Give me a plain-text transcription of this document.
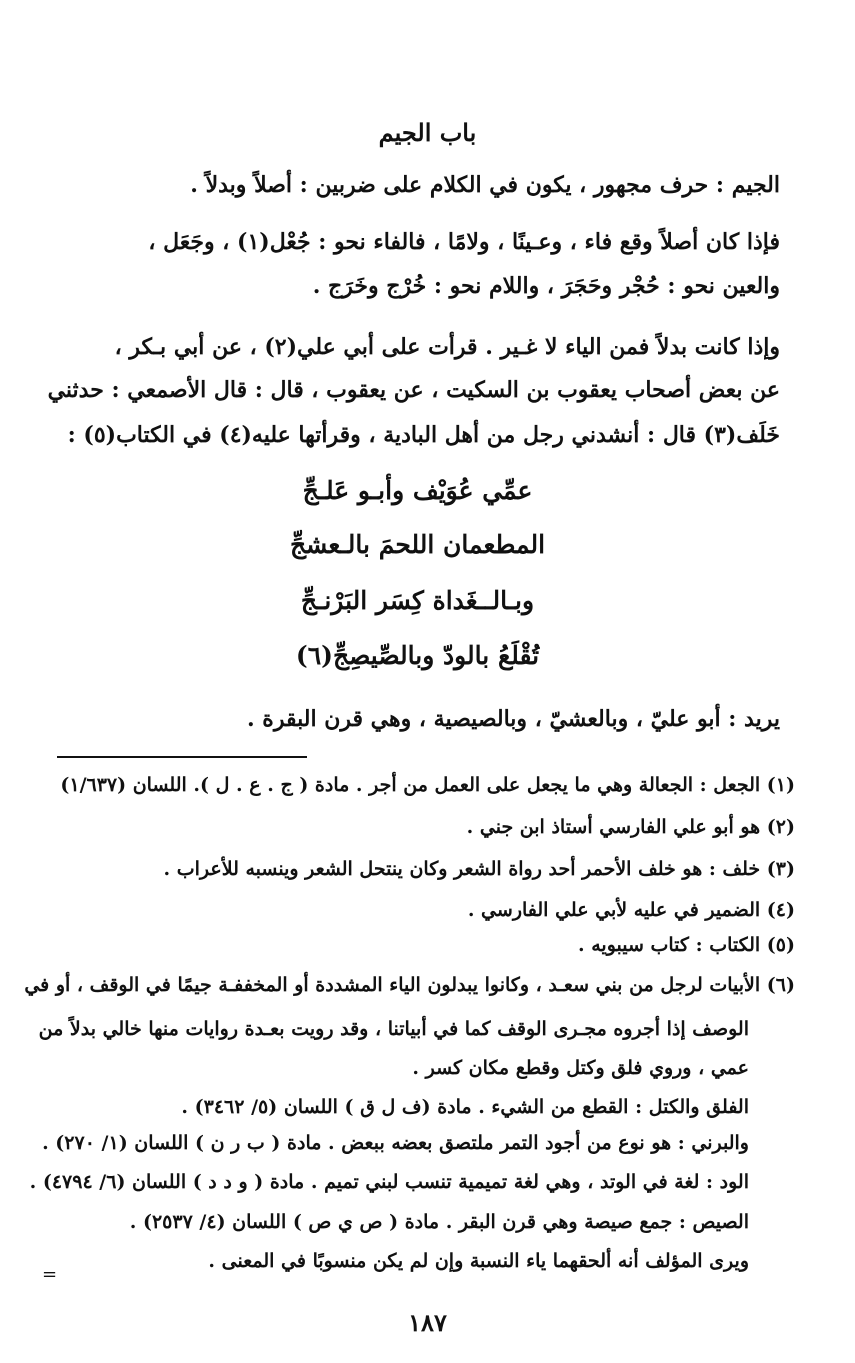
باب الجيم
الجيم : حرف مجهور ، يكون في الكلام على ضربين : أصلاً وبدلاً .
فإذا كان أصلاً وقع فاء ، وعـينًا ، ولامًا ، فالفاء نحو : جُعْل(١) ، وجَعَل ،
والعين نحو : حُجْر وحَجَرَ ، واللام نحو : خُرْج وخَرَج .
وإذا كانت بدلاً فمن الياء لا غـير . قرأت على أبي علي(٢) ، عن أبي بـكر ،
عن بعض أصحاب يعقوب بن السكيت ، عن يعقوب ، قال : قال الأصمعي : حدثني
خَلَف(٣) قال : أنشدني رجل من أهل البادية ، وقرأتها عليه(٤) في الكتاب(٥) :
عمِّي عُوَيْف وأبـو عَلـجِّ
المطعمان اللحمَ بالـعشجِّ
وبـالــغَداة كِسَر البَرْنـجِّ
تُقْلَعُ بالودّ وبالصِّيصِجِّ(٦)
يريد : أبو عليّ ، وبالعشيّ ، وبالصيصية ، وهي قرن البقرة .
(١) الجعل : الجعالة وهي ما يجعل على العمل من أجر . مادة ( ج . ع . ل ). اللسان (١/٦٣٧)
(٢) هو أبو علي الفارسي أستاذ ابن جني .
(٣) خلف : هو خلف الأحمر أحد رواة الشعر وكان ينتحل الشعر وينسبه للأعراب .
(٤) الضمير في عليه لأبي علي الفارسي .
(٥) الكتاب : كتاب سيبويه .
(٦) الأبيات لرجل من بني سعـد ، وكانوا يبدلون الياء المشددة أو المخففـة جيمًا في الوقف ، أو في
الوصف إذا أجروه مجـرى الوقف كما في أبياتنا ، وقد رويت بعـدة روايات منها خالي بدلاً من
عمي ، وروي فلق وكتل وقطع مكان كسر .
الفلق والكتل : القطع من الشيء . مادة (ف ل ق ) اللسان (٥/ ٣٤٦٢) .
والبرني : هو نوع من أجود التمر ملتصق بعضه ببعض . مادة ( ب ر ن ) اللسان (١/ ٢٧٠) .
الود : لغة في الوتد ، وهي لغة تميمية تنسب لبني تميم . مادة ( و د د ) اللسان (٦/ ٤٧٩٤) .
الصيص : جمع صيصة وهي قرن البقر . مادة ( ص ي ص ) اللسان (٤/ ٢٥٣٧) .
ويرى المؤلف أنه ألحقهما ياء النسبة وإن لم يكن منسوبًا في المعنى .
=
١٨٧
